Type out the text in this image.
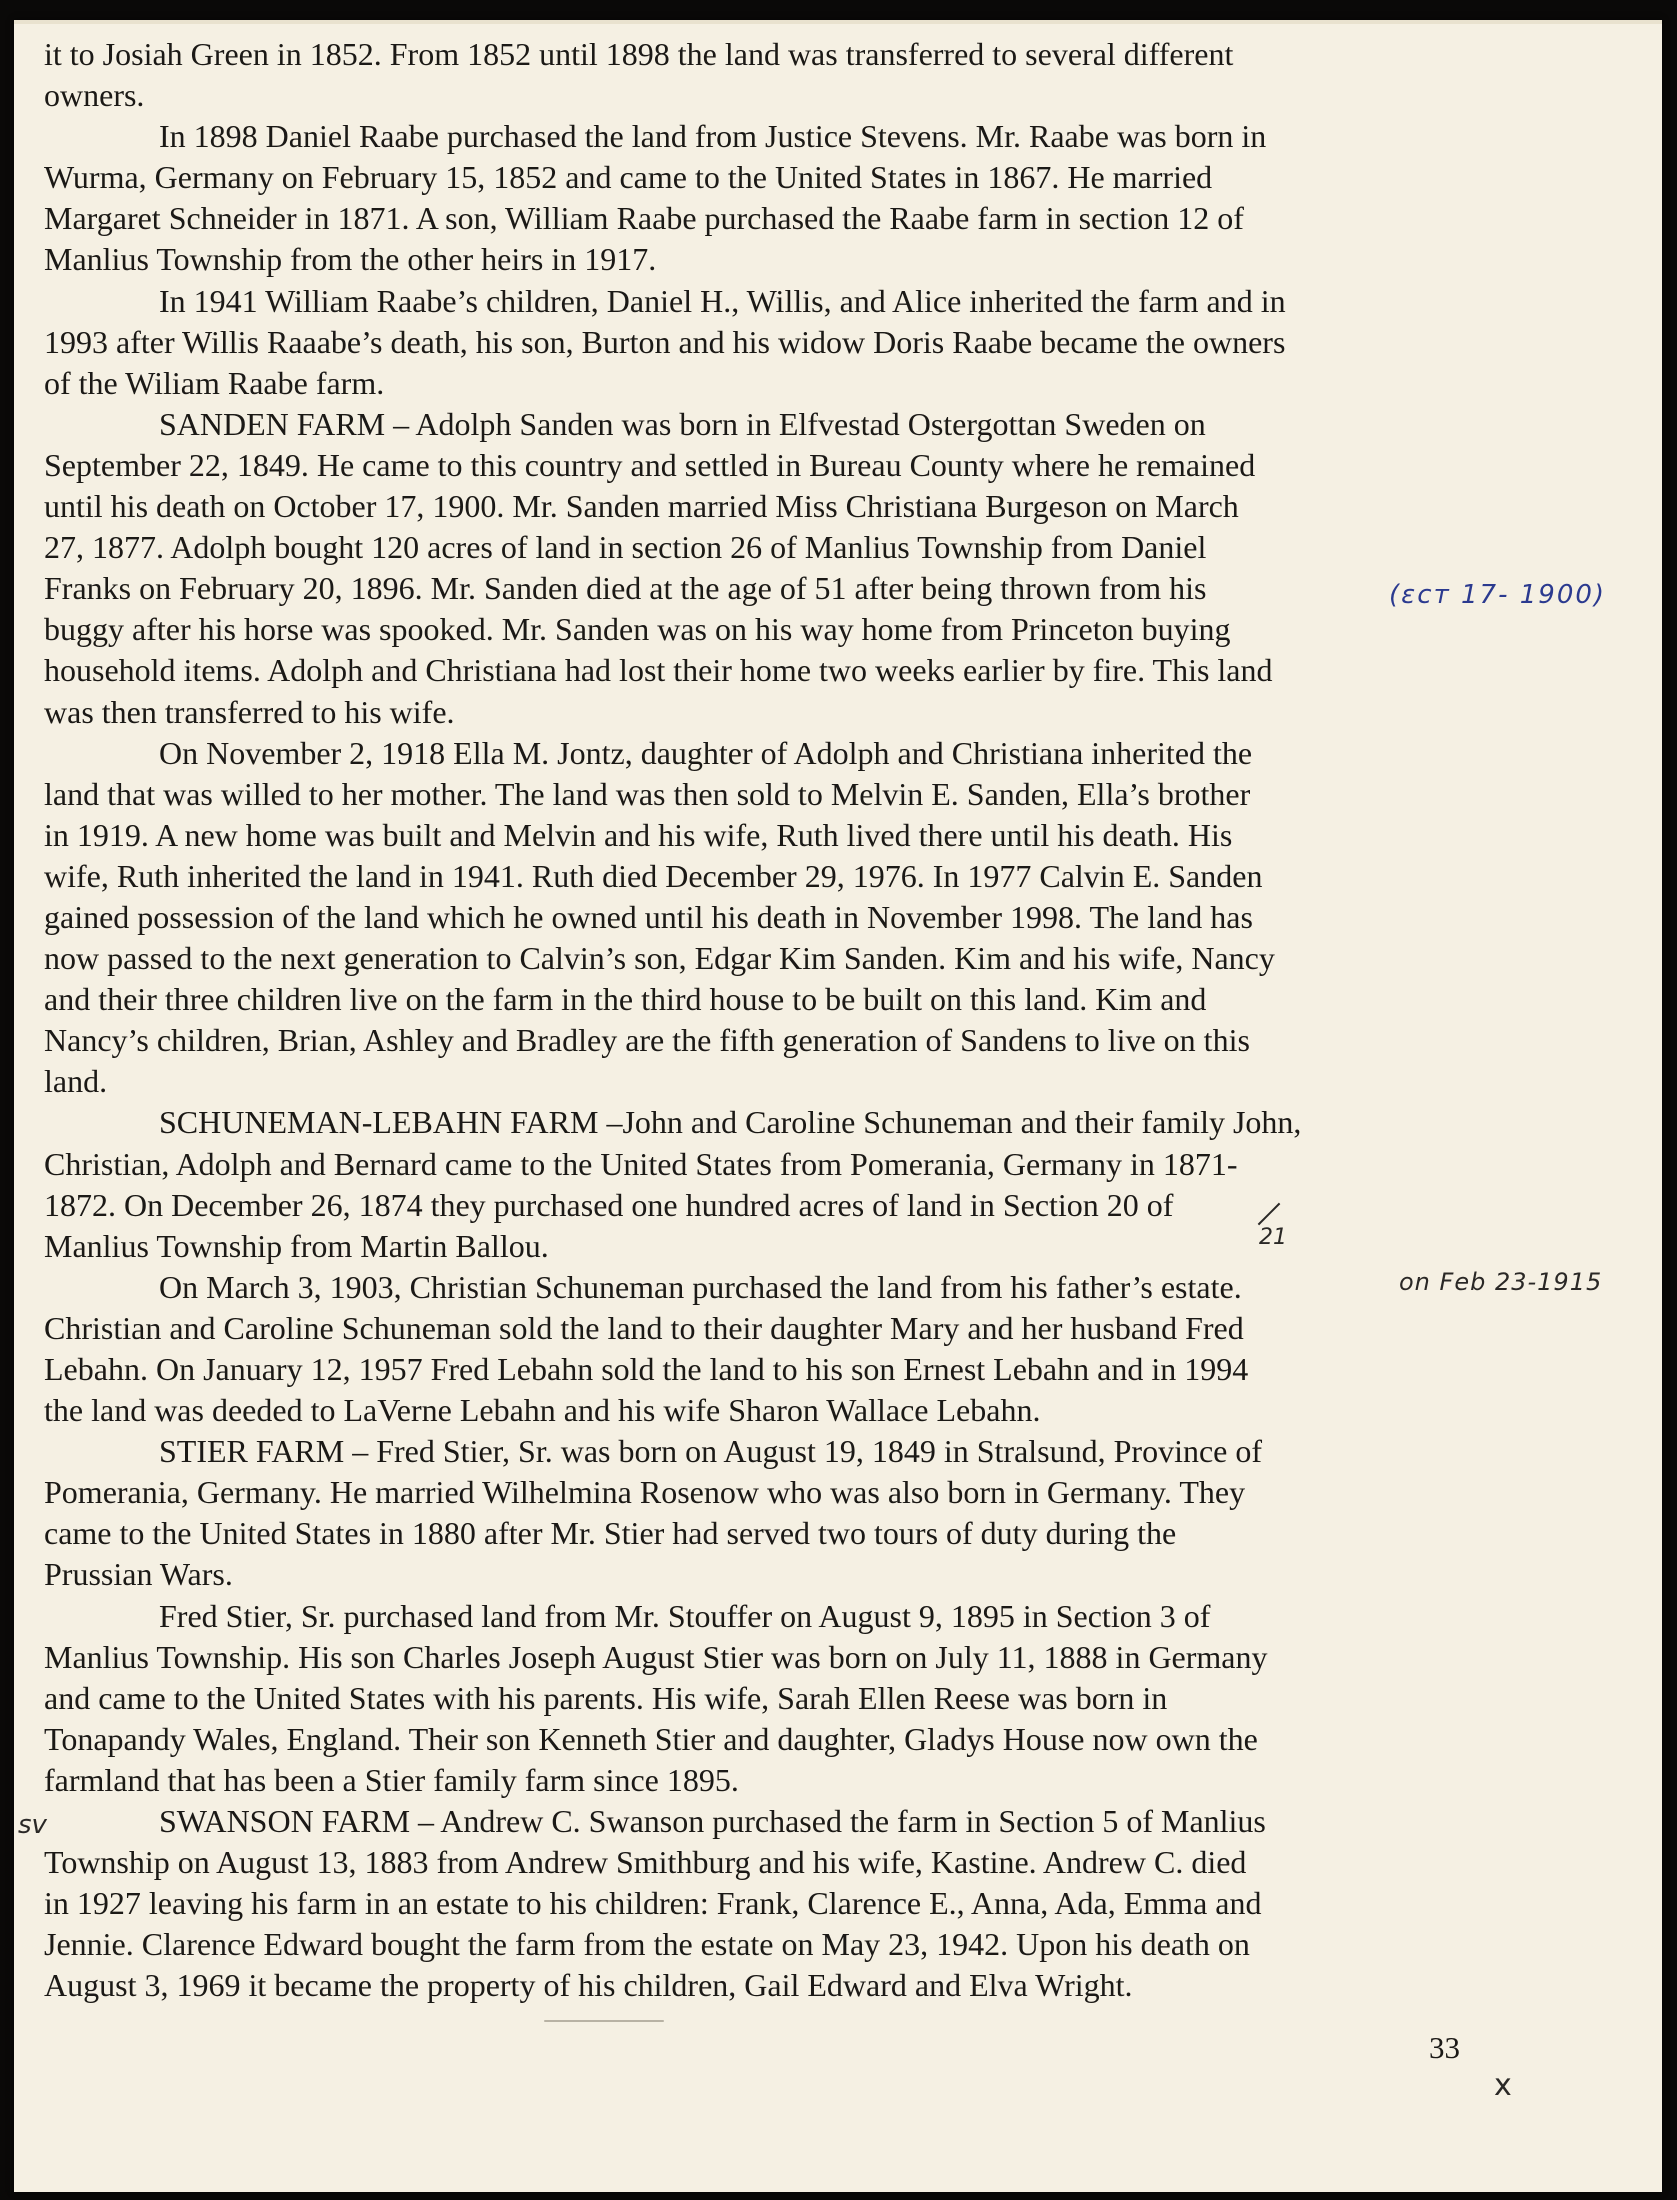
it to Josiah Green in 1852. From 1852 until 1898 the land was transferred to several different
owners.

In 1898 Daniel Raabe purchased the land from Justice Stevens. Mr. Raabe was born in
Wurma, Germany on February 15, 1852 and came to the United States in 1867. He married
Margaret Schneider in 1871. A son, William Raabe purchased the Raabe farm in section 12 of
Manlius Township from the other heirs in 1917.

In 1941 William Raabe’s children, Daniel H., Willis, and Alice inherited the farm and in
1993 after Willis Raaabe’s death, his son, Burton and his widow Doris Raabe became the owners
of the Wiliam Raabe farm.

SANDEN FARM – Adolph Sanden was born in Elfvestad Ostergottan Sweden on
September 22, 1849. He came to this country and settled in Bureau County where he remained
until his death on October 17, 1900. Mr. Sanden married Miss Christiana Burgeson on March
27, 1877. Adolph bought 120 acres of land in section 26 of Manlius Township from Daniel
Franks on February 20, 1896. Mr. Sanden died at the age of 51 after being thrown from his
buggy after his horse was spooked. Mr. Sanden was on his way home from Princeton buying
household items. Adolph and Christiana had lost their home two weeks earlier by fire. This land
was then transferred to his wife.

On November 2, 1918 Ella M. Jontz, daughter of Adolph and Christiana inherited the
land that was willed to her mother. The land was then sold to Melvin E. Sanden, Ella’s brother
in 1919. A new home was built and Melvin and his wife, Ruth lived there until his death. His
wife, Ruth inherited the land in 1941. Ruth died December 29, 1976. In 1977 Calvin E. Sanden
gained possession of the land which he owned until his death in November 1998. The land has
now passed to the next generation to Calvin’s son, Edgar Kim Sanden. Kim and his wife, Nancy
and their three children live on the farm in the third house to be built on this land. Kim and
Nancy’s children, Brian, Ashley and Bradley are the fifth generation of Sandens to live on this
land.

SCHUNEMAN-LEBAHN FARM –John and Caroline Schuneman and their family John,
Christian, Adolph and Bernard came to the United States from Pomerania, Germany in 1871-
1872. On December 26, 1874 they purchased one hundred acres of land in Section 20 of
Manlius Township from Martin Ballou.

On March 3, 1903, Christian Schuneman purchased the land from his father’s estate.
Christian and Caroline Schuneman sold the land to their daughter Mary and her husband Fred
Lebahn. On January 12, 1957 Fred Lebahn sold the land to his son Ernest Lebahn and in 1994
the land was deeded to LaVerne Lebahn and his wife Sharon Wallace Lebahn.

STIER FARM – Fred Stier, Sr. was born on August 19, 1849 in Stralsund, Province of
Pomerania, Germany. He married Wilhelmina Rosenow who was also born in Germany. They
came to the United States in 1880 after Mr. Stier had served two tours of duty during the
Prussian Wars.

Fred Stier, Sr. purchased land from Mr. Stouffer on August 9, 1895 in Section 3 of
Manlius Township. His son Charles Joseph August Stier was born on July 11, 1888 in Germany
and came to the United States with his parents. His wife, Sarah Ellen Reese was born in
Tonapandy Wales, England. Their son Kenneth Stier and daughter, Gladys House now own the
farmland that has been a Stier family farm since 1895.

SWANSON FARM – Andrew C. Swanson purchased the farm in Section 5 of Manlius
Township on August 13, 1883 from Andrew Smithburg and his wife, Kastine. Andrew C. died
in 1927 leaving his farm in an estate to his children: Frank, Clarence E., Anna, Ada, Emma and
Jennie. Clarence Edward bought the farm from the estate on May 23, 1942. Upon his death on
August 3, 1969 it became the property of his children, Gail Edward and Elva Wright.

33
(ɛcт 17- 1900)
on Feb 23-1915
21
sv
x
